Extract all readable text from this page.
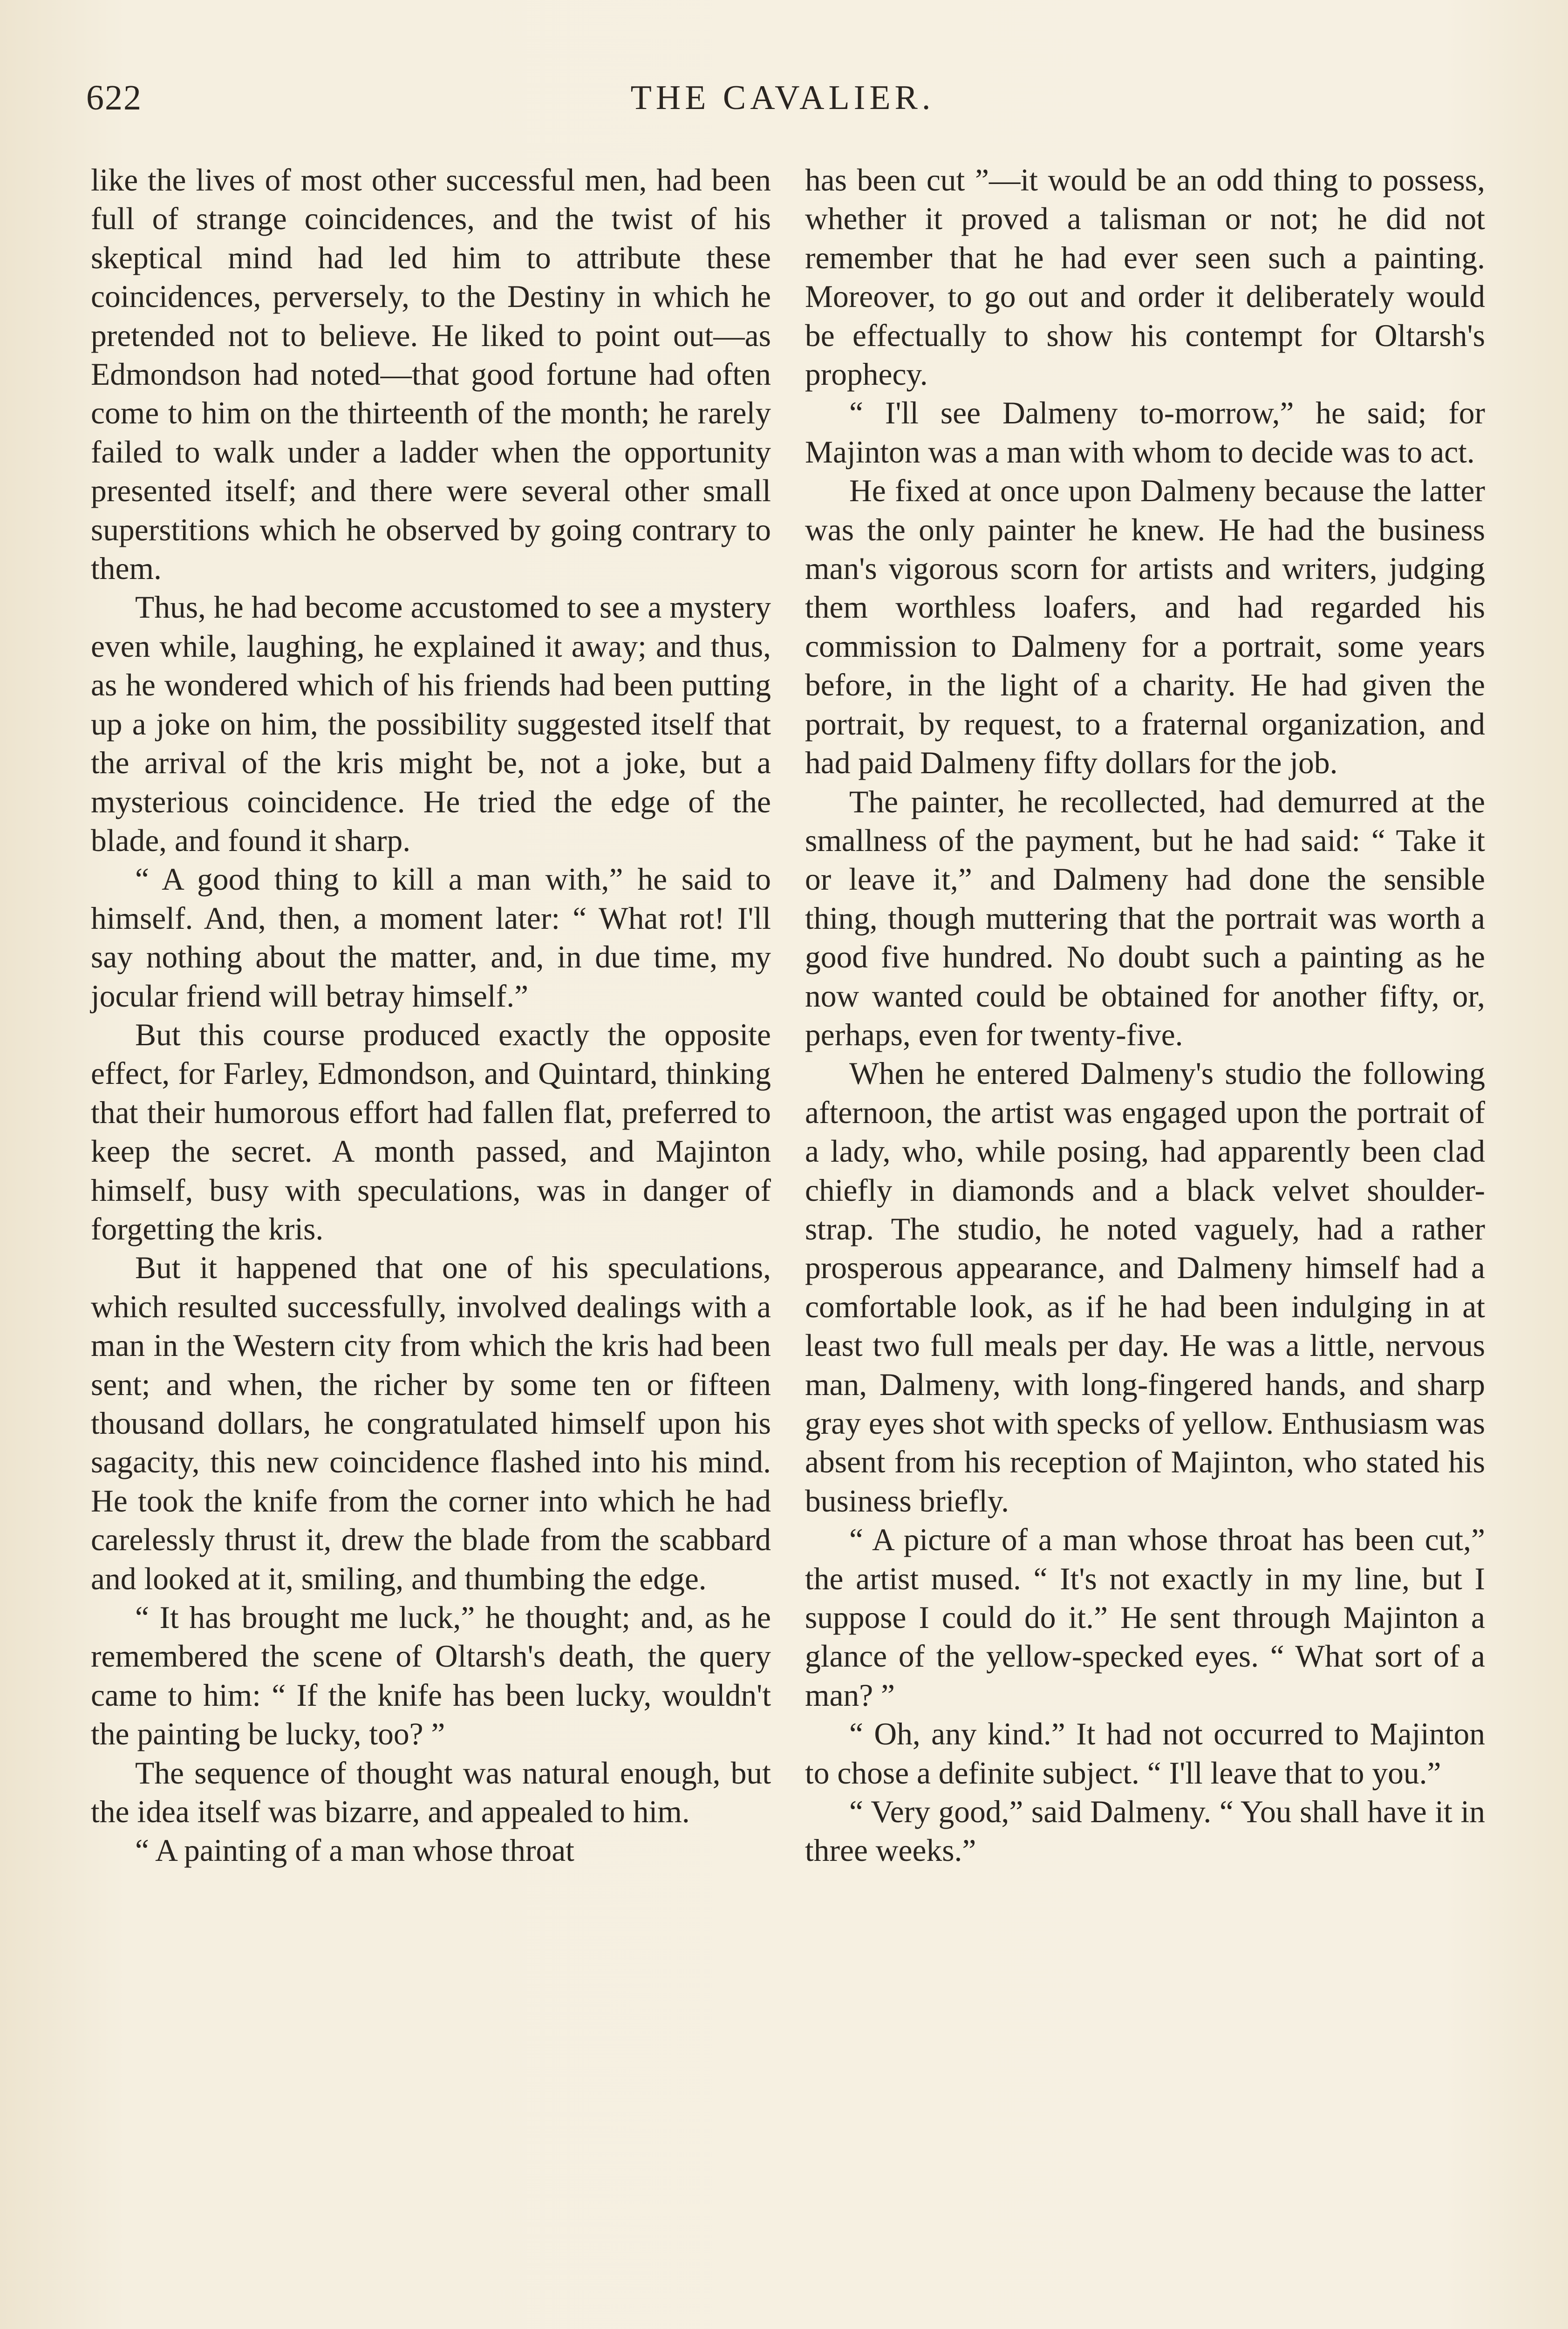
622	THE CAVALIER.

like the lives of most other successful men, had been full of strange coincidences, and the twist of his skeptical mind had led him to attribute these coincidences, perversely, to the Destiny in which he pretended not to believe. He liked to point out—as Edmondson had noted—that good fortune had often come to him on the thirteenth of the month; he rarely failed to walk under a ladder when the opportunity presented itself; and there were several other small superstitions which he observed by going contrary to them.

Thus, he had become accustomed to see a mystery even while, laughing, he explained it away; and thus, as he wondered which of his friends had been putting up a joke on him, the possibility suggested itself that the arrival of the kris might be, not a joke, but a mysterious coincidence. He tried the edge of the blade, and found it sharp.

“ A good thing to kill a man with,” he said to himself. And, then, a moment later: “ What rot! I'll say nothing about the matter, and, in due time, my jocular friend will betray himself.”

But this course produced exactly the opposite effect, for Farley, Edmondson, and Quintard, thinking that their humorous effort had fallen flat, preferred to keep the secret. A month passed, and Majinton himself, busy with speculations, was in danger of forgetting the kris.

But it happened that one of his speculations, which resulted successfully, involved dealings with a man in the Western city from which the kris had been sent; and when, the richer by some ten or fifteen thousand dollars, he congratulated himself upon his sagacity, this new coincidence flashed into his mind. He took the knife from the corner into which he had carelessly thrust it, drew the blade from the scabbard and looked at it, smiling, and thumbing the edge.

“ It has brought me luck,” he thought; and, as he remembered the scene of Oltarsh's death, the query came to him: “ If the knife has been lucky, wouldn't the painting be lucky, too? ”

The sequence of thought was natural enough, but the idea itself was bizarre, and appealed to him.

“ A painting of a man whose throat

has been cut ”—it would be an odd thing to possess, whether it proved a talisman or not; he did not remember that he had ever seen such a painting. Moreover, to go out and order it deliberately would be effectually to show his contempt for Oltarsh's prophecy.

“ I'll see Dalmeny to-morrow,” he said; for Majinton was a man with whom to decide was to act.

He fixed at once upon Dalmeny because the latter was the only painter he knew. He had the business man's vigorous scorn for artists and writers, judging them worthless loafers, and had regarded his commission to Dalmeny for a portrait, some years before, in the light of a charity. He had given the portrait, by request, to a fraternal organization, and had paid Dalmeny fifty dollars for the job.

The painter, he recollected, had demurred at the smallness of the payment, but he had said: “ Take it or leave it,” and Dalmeny had done the sensible thing, though muttering that the portrait was worth a good five hundred. No doubt such a painting as he now wanted could be obtained for another fifty, or, perhaps, even for twenty-five.

When he entered Dalmeny's studio the following afternoon, the artist was engaged upon the portrait of a lady, who, while posing, had apparently been clad chiefly in diamonds and a black velvet shoulder-strap. The studio, he noted vaguely, had a rather prosperous appearance, and Dalmeny himself had a comfortable look, as if he had been indulging in at least two full meals per day. He was a little, nervous man, Dalmeny, with long-fingered hands, and sharp gray eyes shot with specks of yellow. Enthusiasm was absent from his reception of Majinton, who stated his business briefly.

“ A picture of a man whose throat has been cut,” the artist mused. “ It's not exactly in my line, but I suppose I could do it.” He sent through Majinton a glance of the yellow-specked eyes. “ What sort of a man? ”

“ Oh, any kind.” It had not occurred to Majinton to chose a definite subject. “ I'll leave that to you.”

“ Very good,” said Dalmeny. “ You shall have it in three weeks.”
